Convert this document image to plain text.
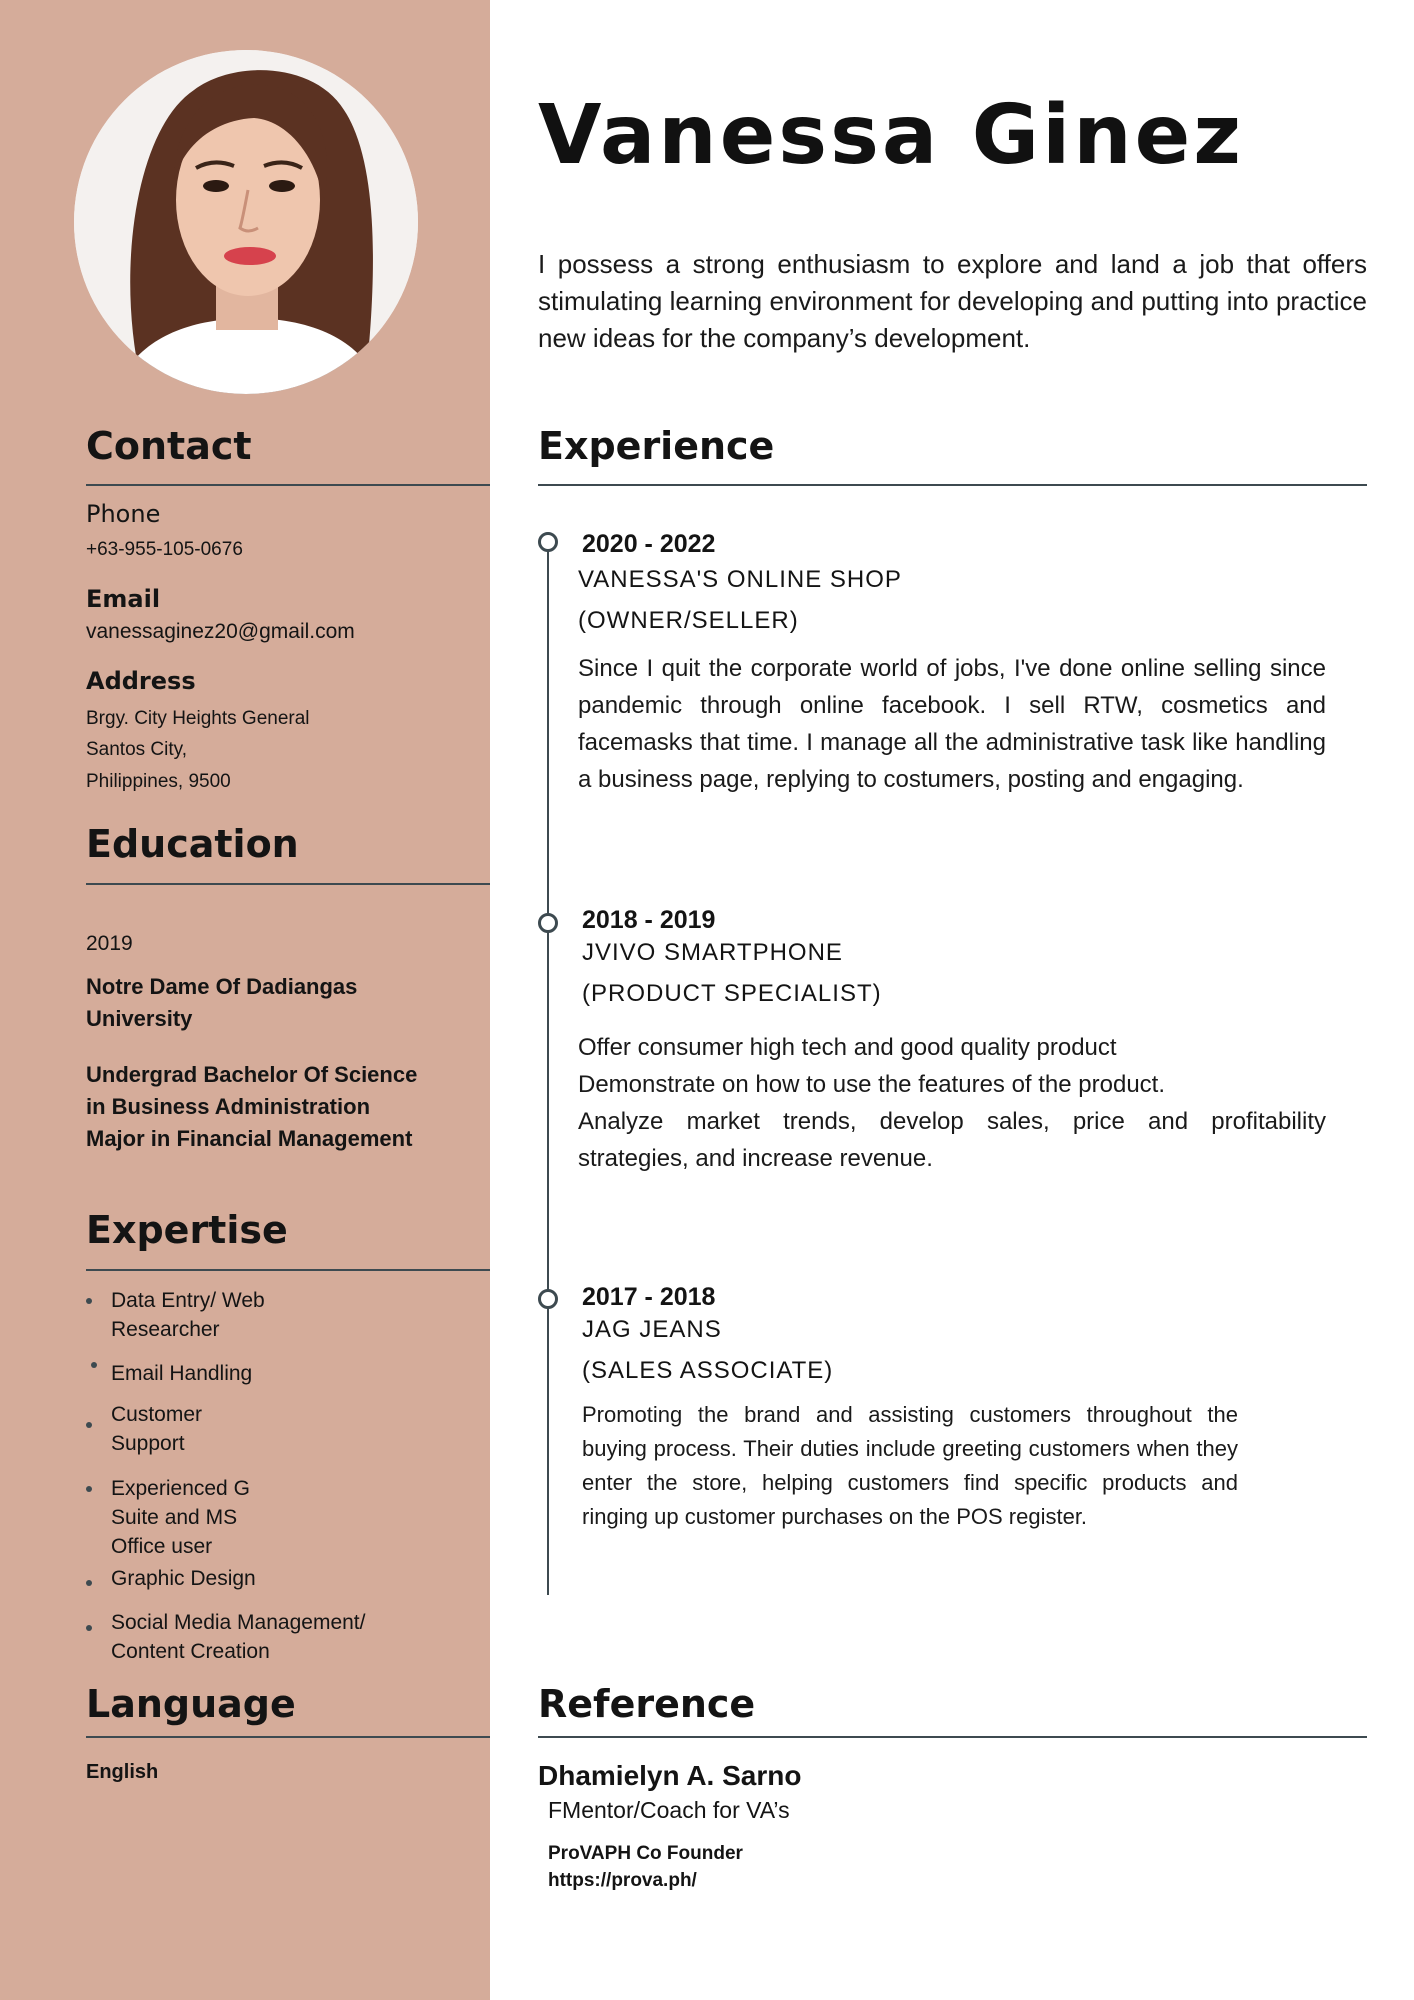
Contact
Phone
+63-955-105-0676
Email
vanessaginez20@gmail.com
Address
Brgy. City Heights General
Santos City,
Philippines, 9500
Education
2019
Notre Dame Of Dadiangas
University
Undergrad Bachelor Of Science
in Business Administration
Major in Financial Management
Expertise
Data Entry/ Web
Researcher
Email Handling
Customer
Support
Experienced G
Suite and MS
Office user
Graphic Design
Social Media Management/
Content Creation
Language
English
Vanessa Ginez
I possess a strong enthusiasm to explore and land a job that offers stimulating learning environment for developing and putting into practice new ideas for the company’s development.
Experience
2020 - 2022
VANESSA'S ONLINE SHOP
(OWNER/SELLER)
Since I quit the corporate world of jobs, I've done online selling since pandemic through online facebook. I sell RTW, cosmetics and facemasks that time. I manage all the administrative task like handling a business page, replying to costumers, posting and engaging.
2018 - 2019
JVIVO SMARTPHONE
(PRODUCT SPECIALIST)
Offer consumer high tech and good quality product
Demonstrate on how to use the features of the product.
Analyze market trends, develop sales, price and profitability strategies, and increase revenue.
2017 - 2018
JAG JEANS
(SALES ASSOCIATE)
Promoting the brand and assisting customers throughout the buying process. Their duties include greeting customers when they enter the store, helping customers find specific products and ringing up customer purchases on the POS register.
Reference
Dhamielyn A. Sarno
FMentor/Coach for VA’s
ProVAPH Co Founder
https://prova.ph/
